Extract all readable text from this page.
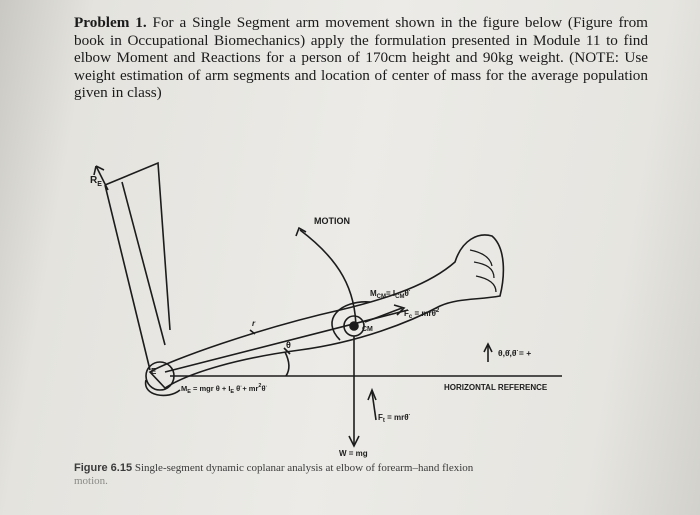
Problem 1. For a Single Segment arm movement shown in the figure below (Figure from book in Occupational Biomechanics) apply the formulation presented in Module 11 to find elbow Moment and Reactions for a person of 170cm height and 90kg weight. (NOTE: Use weight estimation of arm segments and location of center of mass for the average population given in class)
$R_E$
MOTION
$M_{CM}=$ $I_{CM}\thetä$
$F_c$ = mrθ̇$^2$
CM
r
θ
E
$M_E$ = mgr $\theta + I_E$ θ̈ + $mr^2\thetä$
θ,θ̇,θ̈ = +
HORIZONTAL REFERENCE
$F_t$ = mrθ̈
W = mg
Figure 6.15 Single-segment dynamic coplanar analysis at elbow of forearm–hand flexion
motion.
